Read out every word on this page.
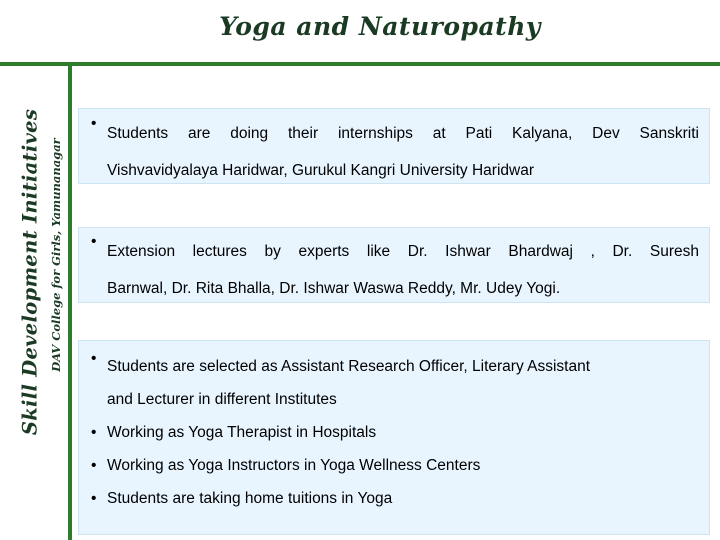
Yoga and Naturopathy
Skill Development Initiatives DAV College for Girls, Yamunanagar
• Students are doing their internships at Pati Kalyana, Dev Sanskriti
Vishvavidyalaya Haridwar, Gurukul Kangri University Haridwar
• Extension lectures by experts like Dr. Ishwar Bhardwaj , Dr. Suresh
Barnwal, Dr. Rita Bhalla, Dr. Ishwar Waswa Reddy, Mr. Udey Yogi.
• Students are selected as Assistant Research Officer, Literary Assistant
and Lecturer in different Institutes
• Working as Yoga Therapist in Hospitals
• Working as Yoga Instructors in Yoga Wellness Centers
• Students are taking home tuitions in Yoga
